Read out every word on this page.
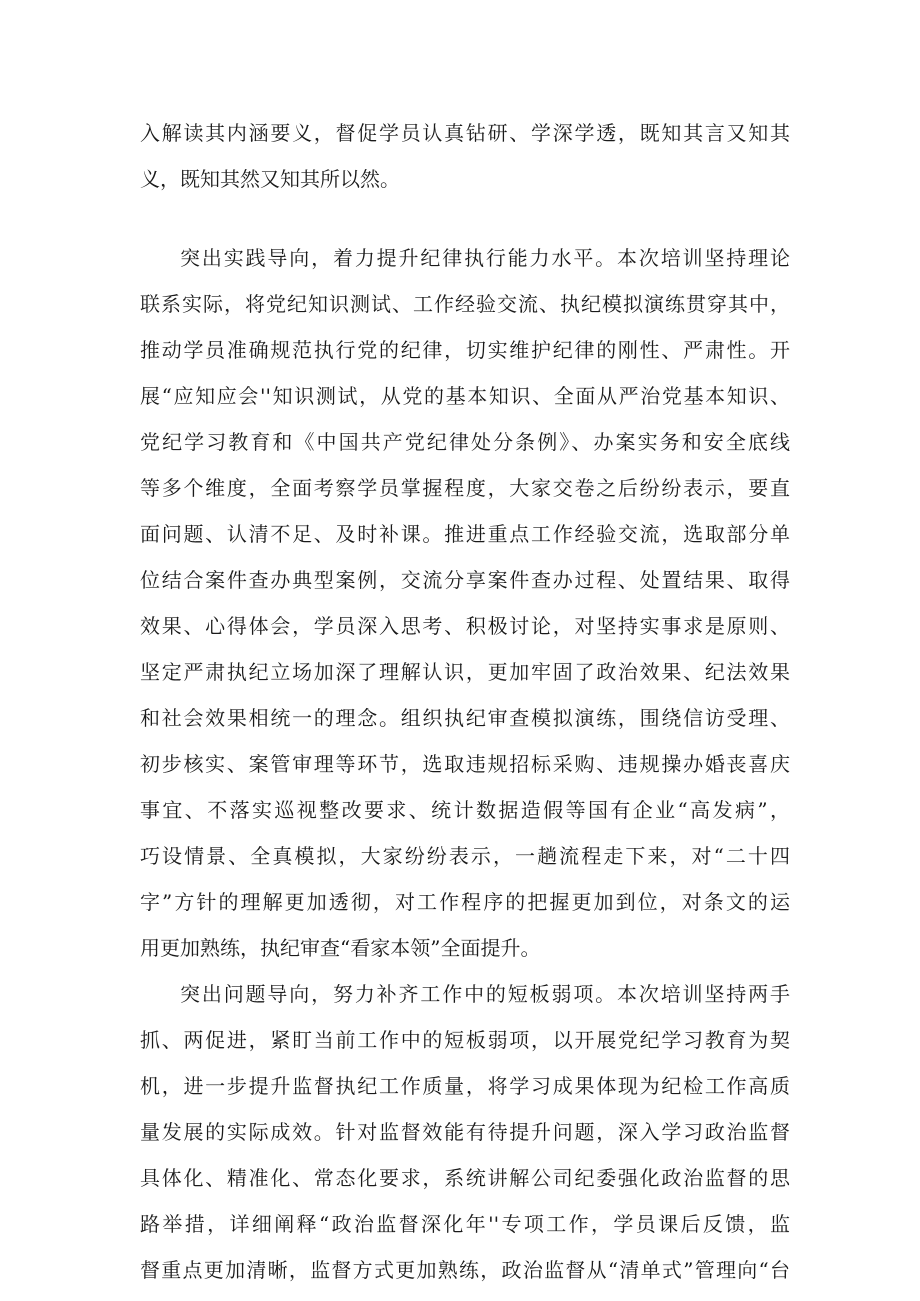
入解读其内涵要义，督促学员认真钻研、学深学透，既知其言又知其
义，既知其然又知其所以然。

突出实践导向，着力提升纪律执行能力水平。本次培训坚持理论
联系实际，将党纪知识测试、工作经验交流、执纪模拟演练贯穿其中，
推动学员准确规范执行党的纪律，切实维护纪律的刚性、严肃性。开
展“应知应会''知识测试，从党的基本知识、全面从严治党基本知识、
党纪学习教育和《中国共产党纪律处分条例》、办案实务和安全底线
等多个维度，全面考察学员掌握程度，大家交卷之后纷纷表示，要直
面问题、认清不足、及时补课。推进重点工作经验交流，选取部分单
位结合案件查办典型案例，交流分享案件查办过程、处置结果、取得
效果、心得体会，学员深入思考、积极讨论，对坚持实事求是原则、
坚定严肃执纪立场加深了理解认识，更加牢固了政治效果、纪法效果
和社会效果相统一的理念。组织执纪审查模拟演练，围绕信访受理、
初步核实、案管审理等环节，选取违规招标采购、违规操办婚丧喜庆
事宜、不落实巡视整改要求、统计数据造假等国有企业“高发病”，
巧设情景、全真模拟，大家纷纷表示，一趟流程走下来，对“二十四
字”方针的理解更加透彻，对工作程序的把握更加到位，对条文的运
用更加熟练，执纪审查“看家本领”全面提升。

突出问题导向，努力补齐工作中的短板弱项。本次培训坚持两手
抓、两促进，紧盯当前工作中的短板弱项，以开展党纪学习教育为契
机，进一步提升监督执纪工作质量，将学习成果体现为纪检工作高质
量发展的实际成效。针对监督效能有待提升问题，深入学习政治监督
具体化、精准化、常态化要求，系统讲解公司纪委强化政治监督的思
路举措，详细阐释“政治监督深化年''专项工作，学员课后反馈，监
督重点更加清晰，监督方式更加熟练，政治监督从“清单式”管理向“台
